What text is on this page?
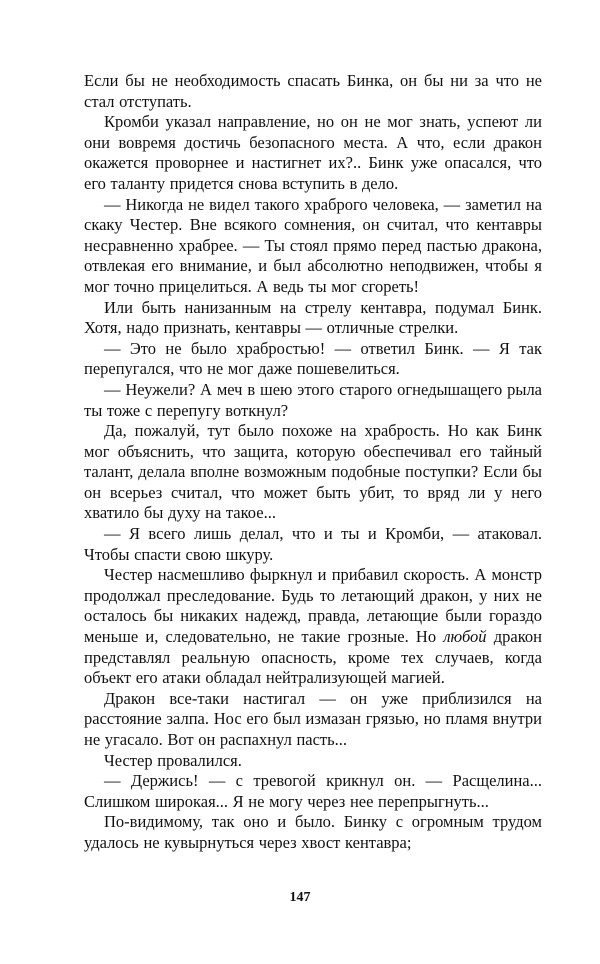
Если бы не необходимость спасать Бинка, он бы ни за что не стал отступать.

Кромби указал направление, но он не мог знать, успеют ли они вовремя достичь безопасного места. А что, если дракон окажется проворнее и настигнет их?.. Бинк уже опасался, что его таланту придется снова вступить в дело.

— Никогда не видел такого храброго человека, — заметил на скаку Честер. Вне всякого сомнения, он считал, что кентавры несравненно храбрее. — Ты стоял прямо перед пастью дракона, отвлекая его внимание, и был абсолютно неподвижен, чтобы я мог точно прицелиться. А ведь ты мог сгореть!

Или быть нанизанным на стрелу кентавра, подумал Бинк. Хотя, надо признать, кентавры — отличные стрелки.

— Это не было храбростью! — ответил Бинк. — Я так перепугался, что не мог даже пошевелиться.

— Неужели? А меч в шею этого старого огнедышащего рыла ты тоже с перепугу воткнул?

Да, пожалуй, тут было похоже на храбрость. Но как Бинк мог объяснить, что защита, которую обеспечивал его тайный талант, делала вполне возможным подобные поступки? Если бы он всерьез считал, что может быть убит, то вряд ли у него хватило бы духу на такое...

— Я всего лишь делал, что и ты и Кромби, — атаковал. Чтобы спасти свою шкуру.

Честер насмешливо фыркнул и прибавил скорость. А монстр продолжал преследование. Будь то летающий дракон, у них не осталось бы никаких надежд, правда, летающие были гораздо меньше и, следовательно, не такие грозные. Но любой дракон представлял реальную опасность, кроме тех случаев, когда объект его атаки обладал нейтрализующей магией.

Дракон все-таки настигал — он уже приблизился на расстояние залпа. Нос его был измазан грязью, но пламя внутри не угасало. Вот он распахнул пасть...

Честер провалился.

— Держись! — с тревогой крикнул он. — Расщелина... Слишком широкая... Я не могу через нее перепрыгнуть...

По-видимому, так оно и было. Бинку с огромным трудом удалось не кувырнуться через хвост кентавра;

147
